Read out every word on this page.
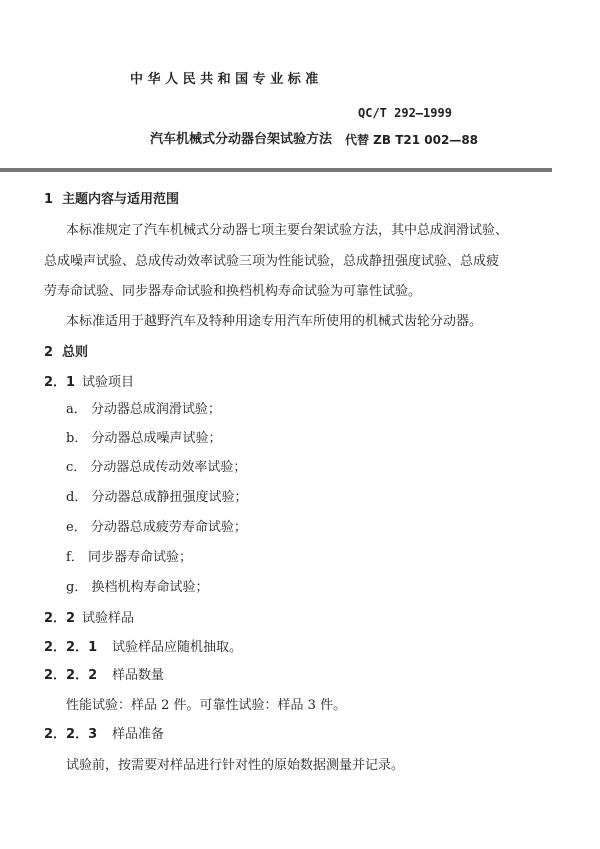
中 华 人 民 共 和 国 专 业 标 准
QC/T 292—1999
汽车机械式分动器台架试验方法 代替 ZB T21 002—88
1 主题内容与适用范围
本标准规定了汽车机械式分动器七项主要台架试验方法，其中总成润滑试验、
总成噪声试验、总成传动效率试验三项为性能试验，总成静扭强度试验、总成疲
劳寿命试验、同步器寿命试验和换档机构寿命试验为可靠性试验。
本标准适用于越野汽车及特种用途专用汽车所使用的机械式齿轮分动器。
2 总则
2．1 试验项目
a． 分动器总成润滑试验；
b． 分动器总成噪声试验；
c． 分动器总成传动效率试验；
d． 分动器总成静扭强度试验；
e． 分动器总成疲劳寿命试验；
f． 同步器寿命试验；
g． 换档机构寿命试验；
2．2 试验样品
2．2．1 试验样品应随机抽取。
2．2．2 样品数量
性能试验：样品 2 件。可靠性试验：样品 3 件。
2．2．3 样品准备
试验前，按需要对样品进行针对性的原始数据测量并记录。
